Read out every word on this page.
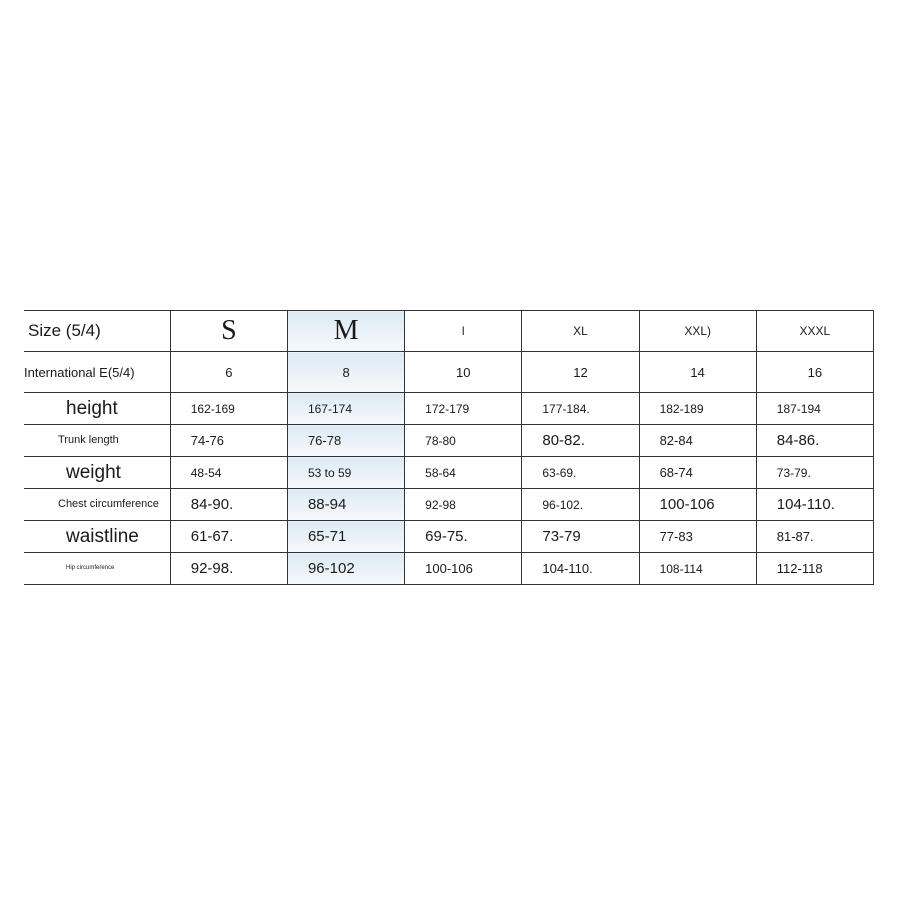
Size (5/4)	S	M	l	XL	XXL)	XXXL
International E(5/4)	6	8	10	12	14	16
height	162-169	167-174	172-179	177-184.	182-189	187-194
Trunk length	74-76	76-78	78-80	80-82.	82-84	84-86.
weight	48-54	53 to 59	58-64	63-69.	68-74	73-79.
Chest circumference	84-90.	88-94	92-98	96-102.	100-106	104-110.
waistline	61-67.	65-71	69-75.	73-79	77-83	81-87.
Hip circumference	92-98.	96-102	100-106	104-110.	108-114	112-118
